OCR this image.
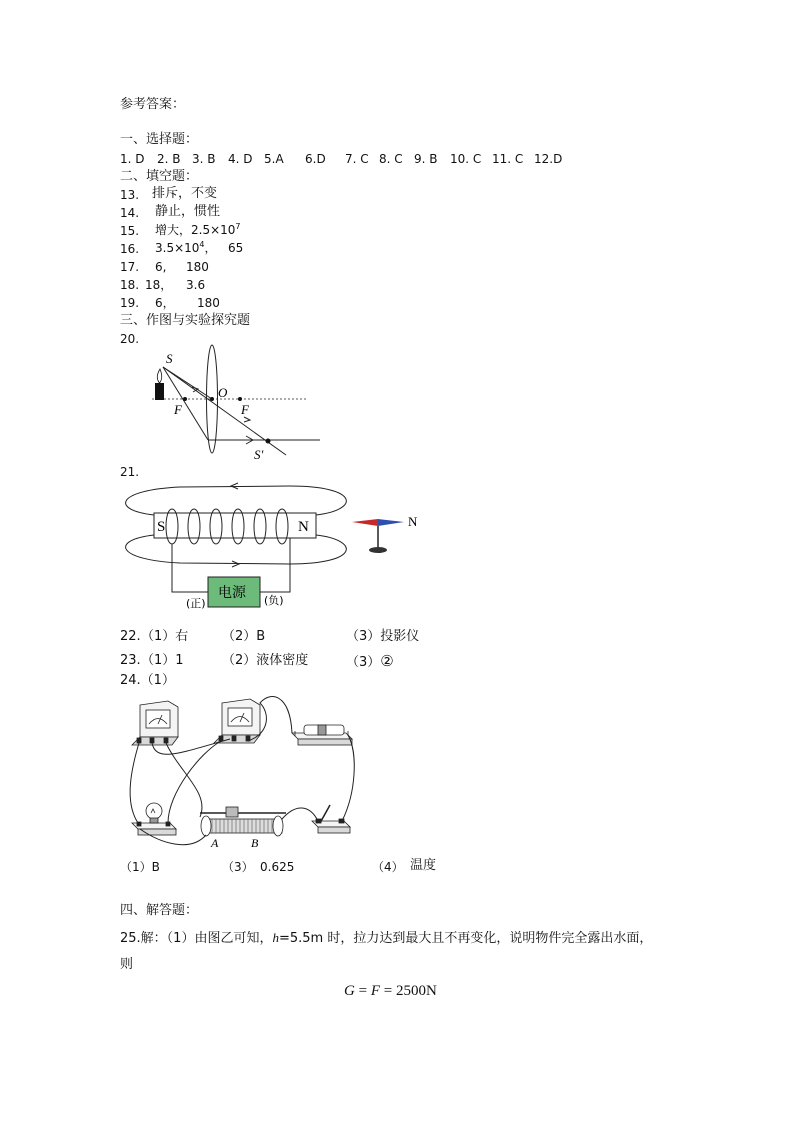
参考答案：
一、选择题：
1. D 2. B 3. B 4. D 5.A 6.D 7. C 8. C 9. B 10. C 11. C 12.D
二、填空题：
13. 排斥，不变
14. 静止，惯性
15. 增大，$2.5\times 10^7$
16. $3.5\times 10^4$，   65
17. 6, 180
18. 18， 3.6
19. 6， 180
三、作图与实验探究题
20.
S
O
F	F
S′
21.
电源
(正)	(负)
S	N	N
22. （1）右	（2）B	（3）投影仪
23. （1）1	（2）液体密度	（3）②
24.（1）
A	B
（1）B	（3） 0.625	（4） 温度
四、解答题：
25.解：（1）由图乙可知，h=5.5m 时，拉力达到最大且不再变化，说明物件完全露出水面，
则
G = F = 2500N
